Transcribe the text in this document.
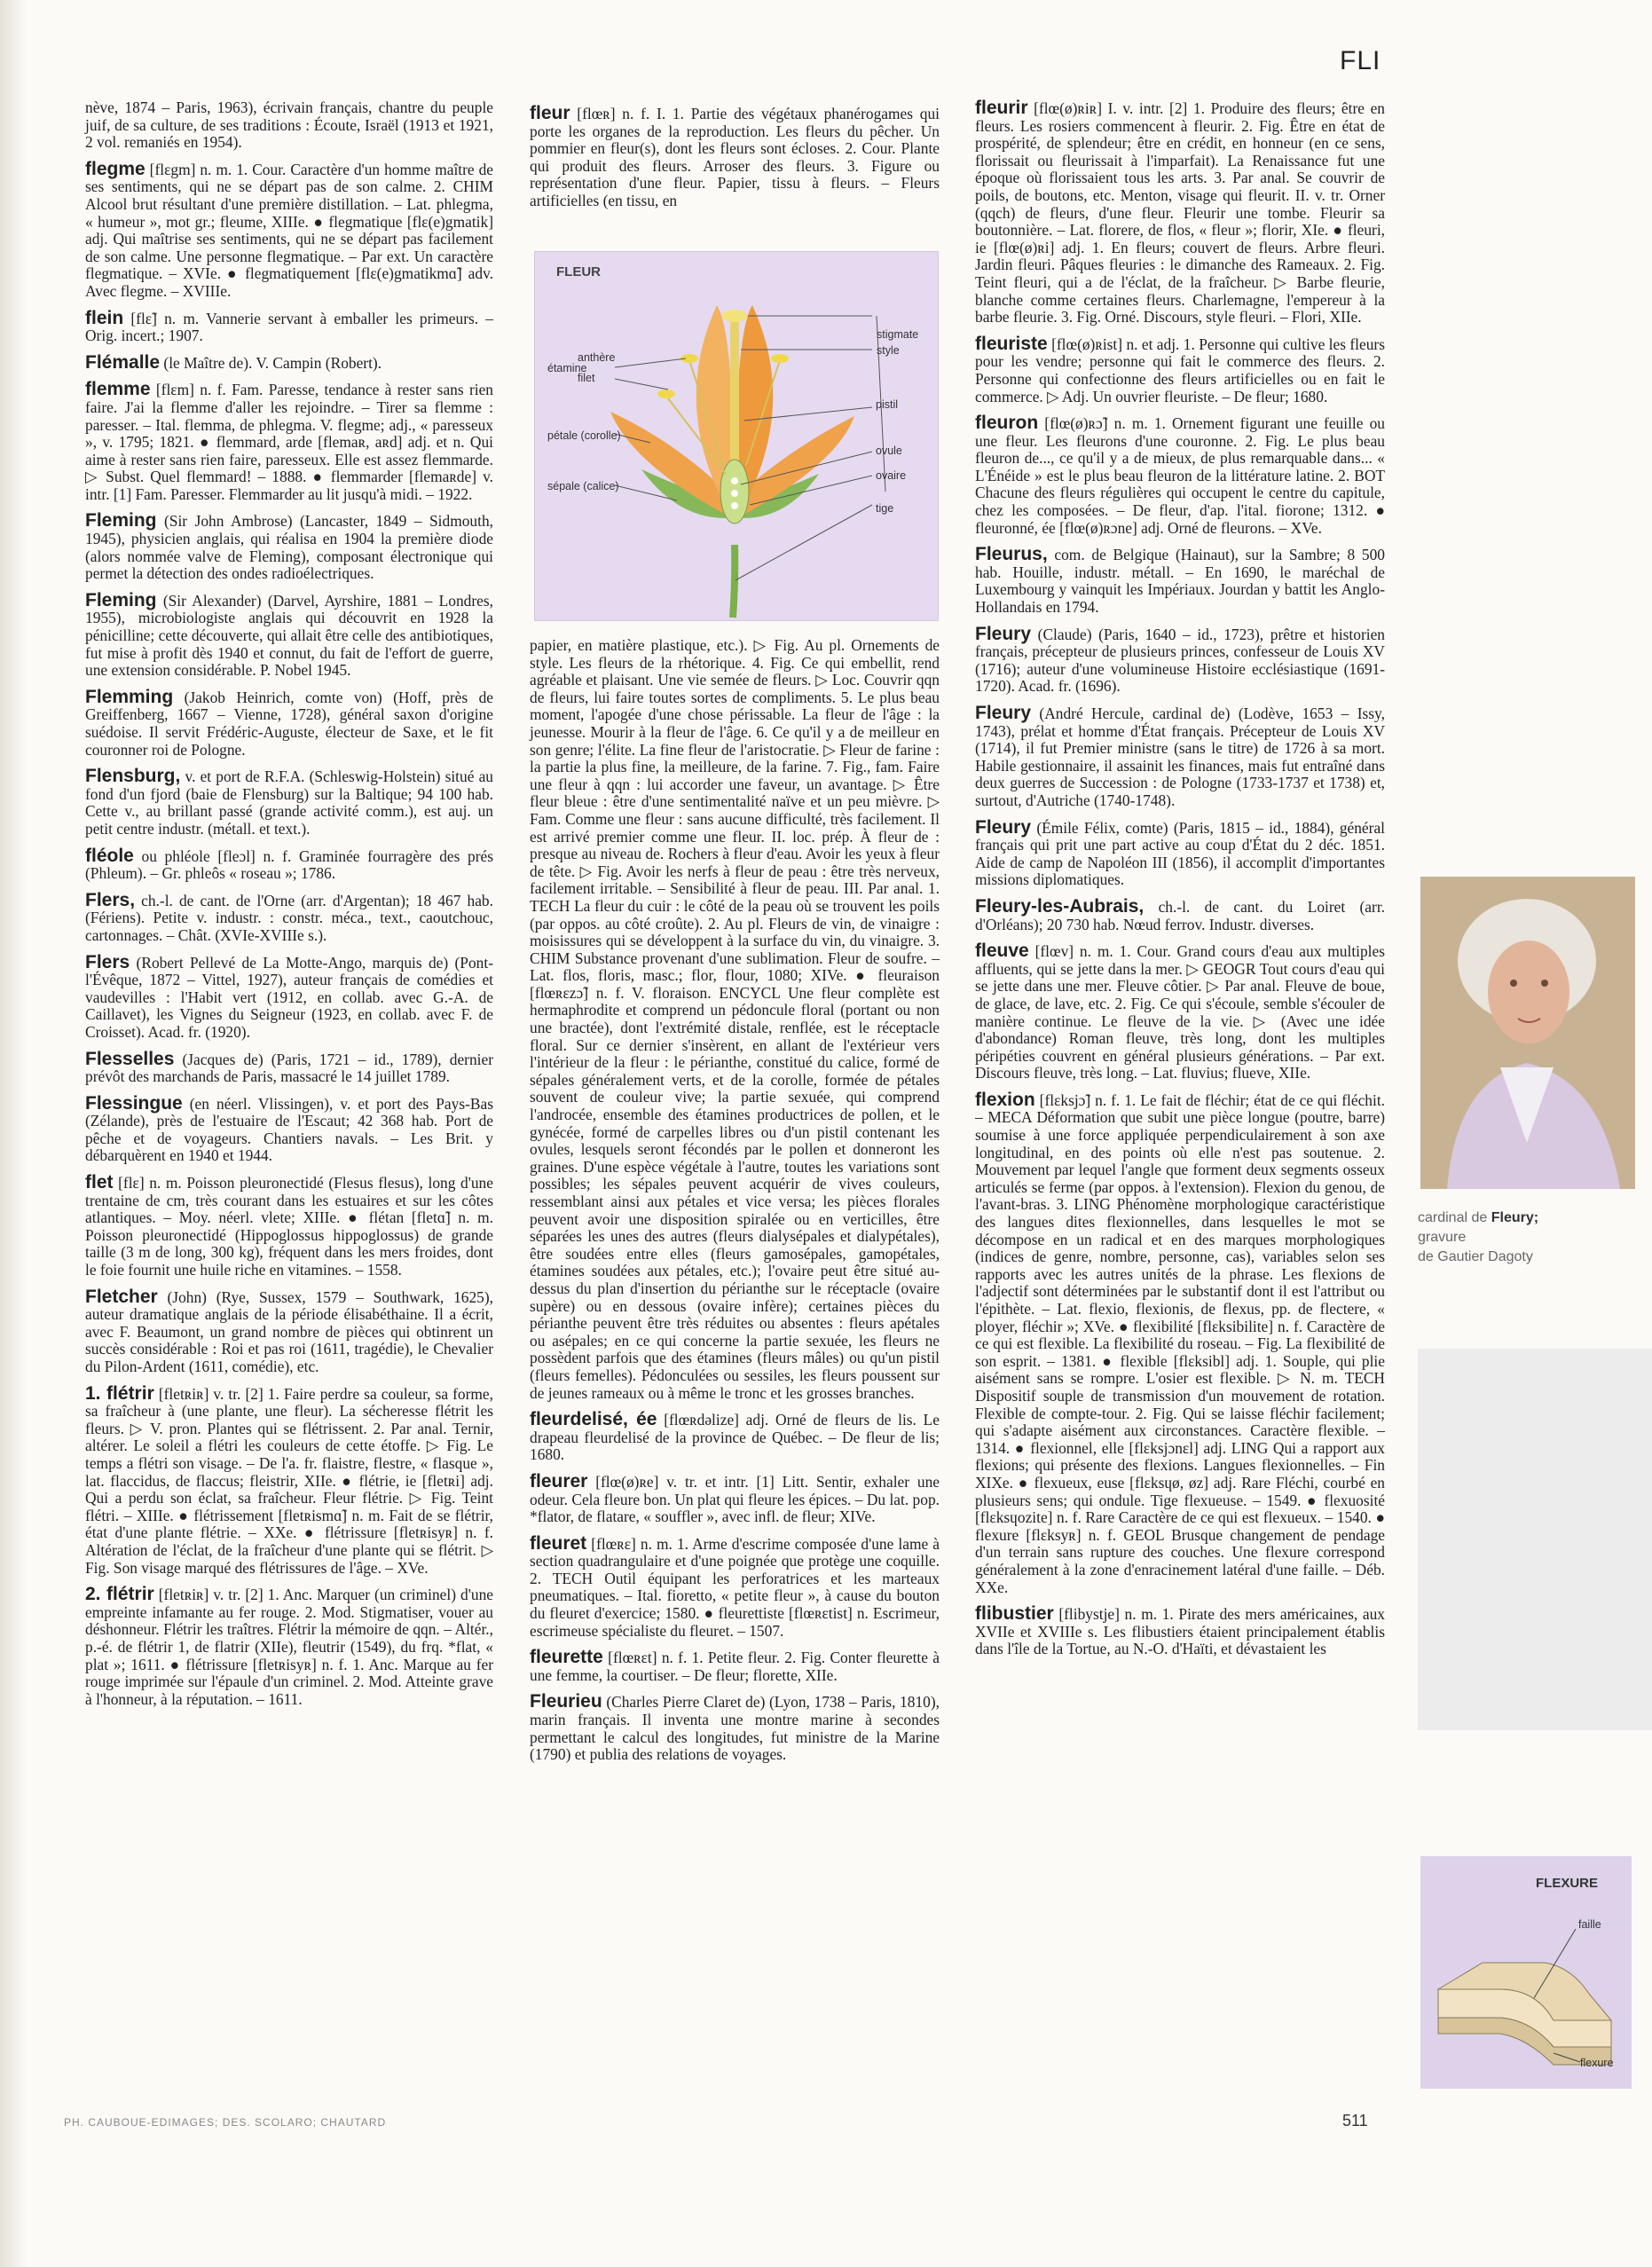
FLI

nève, 1874 – Paris, 1963), écrivain français, chantre du peuple juif, de sa culture, de ses traditions : Écoute, Israël (1913 et 1921, 2 vol. remaniés en 1954).

flegme [flɛgm] n. m. 1. Cour. Caractère d'un homme maître de ses sentiments, qui ne se départ pas de son calme. 2. CHIM Alcool brut résultant d'une première distillation. – Lat. phlegma, « humeur », mot gr.; fleume, XIIIe. ● flegmatique [flɛ(e)gmatik] adj. Qui maîtrise ses sentiments, qui ne se départ pas facilement de son calme. Une personne flegmatique. – Par ext. Un caractère flegmatique. – XVIe. ● flegmatiquement [flɛ(e)gmatikmɑ̃] adv. Avec flegme. – XVIIIe.

flein [flɛ̃] n. m. Vannerie servant à emballer les primeurs. – Orig. incert.; 1907.

Flémalle (le Maître de). V. Campin (Robert).

flemme [flɛm] n. f. Fam. Paresse, tendance à rester sans rien faire. J'ai la flemme d'aller les rejoindre. – Tirer sa flemme : paresser. – Ital. flemma, de phlegma. V. flegme; adj., « paresseux », v. 1795; 1821. ● flemmard, arde [flemaʀ, aʀd] adj. et n. Qui aime à rester sans rien faire, paresseux. Elle est assez flemmarde. ▷ Subst. Quel flemmard! – 1888. ● flemmarder [flemaʀde] v. intr. [1] Fam. Paresser. Flemmarder au lit jusqu'à midi. – 1922.

Fleming (Sir John Ambrose) (Lancaster, 1849 – Sidmouth, 1945), physicien anglais, qui réalisa en 1904 la première diode (alors nommée valve de Fleming), composant électronique qui permet la détection des ondes radioélectriques.

Fleming (Sir Alexander) (Darvel, Ayrshire, 1881 – Londres, 1955), microbiologiste anglais qui découvrit en 1928 la pénicilline; cette découverte, qui allait être celle des antibiotiques, fut mise à profit dès 1940 et connut, du fait de l'effort de guerre, une extension considérable. P. Nobel 1945.

Flemming (Jakob Heinrich, comte von) (Hoff, près de Greiffenberg, 1667 – Vienne, 1728), général saxon d'origine suédoise. Il servit Frédéric-Auguste, électeur de Saxe, et le fit couronner roi de Pologne.

Flensburg, v. et port de R.F.A. (Schleswig-Holstein) situé au fond d'un fjord (baie de Flensburg) sur la Baltique; 94 100 hab. Cette v., au brillant passé (grande activité comm.), est auj. un petit centre industr. (métall. et text.).

fléole ou phléole [fleɔl] n. f. Graminée fourragère des prés (Phleum). – Gr. phleôs « roseau »; 1786.

Flers, ch.-l. de cant. de l'Orne (arr. d'Argentan); 18 467 hab. (Fériens). Petite v. industr. : constr. méca., text., caoutchouc, cartonnages. – Chât. (XVIe-XVIIIe s.).

Flers (Robert Pellevé de La Motte-Ango, marquis de) (Pont-l'Évêque, 1872 – Vittel, 1927), auteur français de comédies et vaudevilles : l'Habit vert (1912, en collab. avec G.-A. de Caillavet), les Vignes du Seigneur (1923, en collab. avec F. de Croisset). Acad. fr. (1920).

Flesselles (Jacques de) (Paris, 1721 – id., 1789), dernier prévôt des marchands de Paris, massacré le 14 juillet 1789.

Flessingue (en néerl. Vlissingen), v. et port des Pays-Bas (Zélande), près de l'estuaire de l'Escaut; 42 368 hab. Port de pêche et de voyageurs. Chantiers navals. – Les Brit. y débarquèrent en 1940 et 1944.

flet [flɛ] n. m. Poisson pleuronectidé (Flesus flesus), long d'une trentaine de cm, très courant dans les estuaires et sur les côtes atlantiques. – Moy. néerl. vlete; XIIIe. ● flétan [fletɑ̃] n. m. Poisson pleuronectidé (Hippoglossus hippoglossus) de grande taille (3 m de long, 300 kg), fréquent dans les mers froides, dont le foie fournit une huile riche en vitamines. – 1558.

Fletcher (John) (Rye, Sussex, 1579 – Southwark, 1625), auteur dramatique anglais de la période élisabéthaine. Il a écrit, avec F. Beaumont, un grand nombre de pièces qui obtinrent un succès considérable : Roi et pas roi (1611, tragédie), le Chevalier du Pilon-Ardent (1611, comédie), etc.

1. flétrir [fletʀiʀ] v. tr. [2] 1. Faire perdre sa couleur, sa forme, sa fraîcheur à (une plante, une fleur). La sécheresse flétrit les fleurs. ▷ V. pron. Plantes qui se flétrissent. 2. Par anal. Ternir, altérer. Le soleil a flétri les couleurs de cette étoffe. ▷ Fig. Le temps a flétri son visage. – De l'a. fr. flaistre, flestre, « flasque », lat. flaccidus, de flaccus; fleistrir, XIIe. ● flétrie, ie [fletʀi] adj. Qui a perdu son éclat, sa fraîcheur. Fleur flétrie. ▷ Fig. Teint flétri. – XIIIe. ● flétrissement [fletʀismɑ̃] n. m. Fait de se flétrir, état d'une plante flétrie. – XXe. ● flétrissure [fletʀisyʀ] n. f. Altération de l'éclat, de la fraîcheur d'une plante qui se flétrit. ▷ Fig. Son visage marqué des flétrissures de l'âge. – XVe.

2. flétrir [fletʀiʀ] v. tr. [2] 1. Anc. Marquer (un criminel) d'une empreinte infamante au fer rouge. 2. Mod. Stigmatiser, vouer au déshonneur. Flétrir les traîtres. Flétrir la mémoire de qqn. – Altér., p.-é. de flétrir 1, de flatrir (XIIe), fleutrir (1549), du frq. *flat, « plat »; 1611. ● flétrissure [fletʀisyʀ] n. f. 1. Anc. Marque au fer rouge imprimée sur l'épaule d'un criminel. 2. Mod. Atteinte grave à l'honneur, à la réputation. – 1611.

fleur [flœʀ] n. f. I. 1. Partie des végétaux phanérogames qui porte les organes de la reproduction. Les fleurs du pêcher. Un pommier en fleur(s), dont les fleurs sont écloses. 2. Cour. Plante qui produit des fleurs. Arroser des fleurs. 3. Figure ou représentation d'une fleur. Papier, tissu à fleurs. – Fleurs artificielles (en tissu, en

FLEUR
stigmate
style
étamine
anthère
filet
pistil
pétale (corolle)
ovule
sépale (calice)
ovaire
tige

papier, en matière plastique, etc.). ▷ Fig. Au pl. Ornements de style. Les fleurs de la rhétorique. 4. Fig. Ce qui embellit, rend agréable et plaisant. Une vie semée de fleurs. ▷ Loc. Couvrir qqn de fleurs, lui faire toutes sortes de compliments. 5. Le plus beau moment, l'apogée d'une chose périssable. La fleur de l'âge : la jeunesse. Mourir à la fleur de l'âge. 6. Ce qu'il y a de meilleur en son genre; l'élite. La fine fleur de l'aristocratie. ▷ Fleur de farine : la partie la plus fine, la meilleure, de la farine. 7. Fig., fam. Faire une fleur à qqn : lui accorder une faveur, un avantage. ▷ Être fleur bleue : être d'une sentimentalité naïve et un peu mièvre. ▷ Fam. Comme une fleur : sans aucune difficulté, très facilement. Il est arrivé premier comme une fleur. II. loc. prép. À fleur de : presque au niveau de. Rochers à fleur d'eau. Avoir les yeux à fleur de tête. ▷ Fig. Avoir les nerfs à fleur de peau : être très nerveux, facilement irritable. – Sensibilité à fleur de peau. III. Par anal. 1. TECH La fleur du cuir : le côté de la peau où se trouvent les poils (par oppos. au côté croûte). 2. Au pl. Fleurs de vin, de vinaigre : moisissures qui se développent à la surface du vin, du vinaigre. 3. CHIM Substance provenant d'une sublimation. Fleur de soufre. – Lat. flos, floris, masc.; flor, flour, 1080; XIVe. ● fleuraison [flœʀɛzɔ̃] n. f. V. floraison. ENCYCL Une fleur complète est hermaphrodite et comprend un pédoncule floral (portant ou non une bractée), dont l'extrémité distale, renflée, est le réceptacle floral. Sur ce dernier s'insèrent, en allant de l'extérieur vers l'intérieur de la fleur : le périanthe, constitué du calice, formé de sépales généralement verts, et de la corolle, formée de pétales souvent de couleur vive; la partie sexuée, qui comprend l'androcée, ensemble des étamines productrices de pollen, et le gynécée, formé de carpelles libres ou d'un pistil contenant les ovules, lesquels seront fécondés par le pollen et donneront les graines. D'une espèce végétale à l'autre, toutes les variations sont possibles; les sépales peuvent acquérir de vives couleurs, ressemblant ainsi aux pétales et vice versa; les pièces florales peuvent avoir une disposition spiralée ou en verticilles, être séparées les unes des autres (fleurs dialysépales et dialypétales), être soudées entre elles (fleurs gamosépales, gamopétales, étamines soudées aux pétales, etc.); l'ovaire peut être situé au-dessus du plan d'insertion du périanthe sur le réceptacle (ovaire supère) ou en dessous (ovaire infère); certaines pièces du périanthe peuvent être très réduites ou absentes : fleurs apétales ou asépales; en ce qui concerne la partie sexuée, les fleurs ne possèdent parfois que des étamines (fleurs mâles) ou qu'un pistil (fleurs femelles). Pédonculées ou sessiles, les fleurs poussent sur de jeunes rameaux ou à même le tronc et les grosses branches.

fleurdelisé, ée [flœʀdəlize] adj. Orné de fleurs de lis. Le drapeau fleurdelisé de la province de Québec. – De fleur de lis; 1680.

fleurer [flœ(ø)ʀe] v. tr. et intr. [1] Litt. Sentir, exhaler une odeur. Cela fleure bon. Un plat qui fleure les épices. – Du lat. pop. *flator, de flatare, « souffler », avec infl. de fleur; XIVe.

fleuret [flœʀɛ] n. m. 1. Arme d'escrime composée d'une lame à section quadrangulaire et d'une poignée que protège une coquille. 2. TECH Outil équipant les perforatrices et les marteaux pneumatiques. – Ital. fioretto, « petite fleur », à cause du bouton du fleuret d'exercice; 1580. ● fleurettiste [flœʀɛtist] n. Escrimeur, escrimeuse spécialiste du fleuret. – 1507.

fleurette [flœʀɛt] n. f. 1. Petite fleur. 2. Fig. Conter fleurette à une femme, la courtiser. – De fleur; florette, XIIe.

Fleurieu (Charles Pierre Claret de) (Lyon, 1738 – Paris, 1810), marin français. Il inventa une montre marine à secondes permettant le calcul des longitudes, fut ministre de la Marine (1790) et publia des relations de voyages.

fleurir [flœ(ø)ʀiʀ] I. v. intr. [2] 1. Produire des fleurs; être en fleurs. Les rosiers commencent à fleurir. 2. Fig. Être en état de prospérité, de splendeur; être en crédit, en honneur (en ce sens, florissait ou fleurissait à l'imparfait). La Renaissance fut une époque où florissaient tous les arts. 3. Par anal. Se couvrir de poils, de boutons, etc. Menton, visage qui fleurit. II. v. tr. Orner (qqch) de fleurs, d'une fleur. Fleurir une tombe. Fleurir sa boutonnière. – Lat. florere, de flos, « fleur »; florir, XIe. ● fleuri, ie [flœ(ø)ʀi] adj. 1. En fleurs; couvert de fleurs. Arbre fleuri. Jardin fleuri. Pâques fleuries : le dimanche des Rameaux. 2. Fig. Teint fleuri, qui a de l'éclat, de la fraîcheur. ▷ Barbe fleurie, blanche comme certaines fleurs. Charlemagne, l'empereur à la barbe fleurie. 3. Fig. Orné. Discours, style fleuri. – Flori, XIIe.

fleuriste [flœ(ø)ʀist] n. et adj. 1. Personne qui cultive les fleurs pour les vendre; personne qui fait le commerce des fleurs. 2. Personne qui confectionne des fleurs artificielles ou en fait le commerce. ▷ Adj. Un ouvrier fleuriste. – De fleur; 1680.

fleuron [flœ(ø)ʀɔ̃] n. m. 1. Ornement figurant une feuille ou une fleur. Les fleurons d'une couronne. 2. Fig. Le plus beau fleuron de..., ce qu'il y a de mieux, de plus remarquable dans... « L'Énéide » est le plus beau fleuron de la littérature latine. 2. BOT Chacune des fleurs régulières qui occupent le centre du capitule, chez les composées. – De fleur, d'ap. l'ital. fiorone; 1312. ● fleuronné, ée [flœ(ø)ʀɔne] adj. Orné de fleurons. – XVe.

Fleurus, com. de Belgique (Hainaut), sur la Sambre; 8 500 hab. Houille, industr. métall. – En 1690, le maréchal de Luxembourg y vainquit les Impériaux. Jourdan y battit les Anglo-Hollandais en 1794.

Fleury (Claude) (Paris, 1640 – id., 1723), prêtre et historien français, précepteur de plusieurs princes, confesseur de Louis XV (1716); auteur d'une volumineuse Histoire ecclésiastique (1691-1720). Acad. fr. (1696).

Fleury (André Hercule, cardinal de) (Lodève, 1653 – Issy, 1743), prélat et homme d'État français. Précepteur de Louis XV (1714), il fut Premier ministre (sans le titre) de 1726 à sa mort. Habile gestionnaire, il assainit les finances, mais fut entraîné dans deux guerres de Succession : de Pologne (1733-1737 et 1738) et, surtout, d'Autriche (1740-1748).

Fleury (Émile Félix, comte) (Paris, 1815 – id., 1884), général français qui prit une part active au coup d'État du 2 déc. 1851. Aide de camp de Napoléon III (1856), il accomplit d'importantes missions diplomatiques.

Fleury-les-Aubrais, ch.-l. de cant. du Loiret (arr. d'Orléans); 20 730 hab. Nœud ferrov. Industr. diverses.

fleuve [flœv] n. m. 1. Cour. Grand cours d'eau aux multiples affluents, qui se jette dans la mer. ▷ GEOGR Tout cours d'eau qui se jette dans une mer. Fleuve côtier. ▷ Par anal. Fleuve de boue, de glace, de lave, etc. 2. Fig. Ce qui s'écoule, semble s'écouler de manière continue. Le fleuve de la vie. ▷ (Avec une idée d'abondance) Roman fleuve, très long, dont les multiples péripéties couvrent en général plusieurs générations. – Par ext. Discours fleuve, très long. – Lat. fluvius; flueve, XIIe.

flexion [flɛksjɔ̃] n. f. 1. Le fait de fléchir; état de ce qui fléchit. – MECA Déformation que subit une pièce longue (poutre, barre) soumise à une force appliquée perpendiculairement à son axe longitudinal, en des points où elle n'est pas soutenue. 2. Mouvement par lequel l'angle que forment deux segments osseux articulés se ferme (par oppos. à l'extension). Flexion du genou, de l'avant-bras. 3. LING Phénomène morphologique caractéristique des langues dites flexionnelles, dans lesquelles le mot se décompose en un radical et en des marques morphologiques (indices de genre, nombre, personne, cas), variables selon ses rapports avec les autres unités de la phrase. Les flexions de l'adjectif sont déterminées par le substantif dont il est l'attribut ou l'épithète. – Lat. flexio, flexionis, de flexus, pp. de flectere, « ployer, fléchir »; XVe. ● flexibilité [flɛksibilite] n. f. Caractère de ce qui est flexible. La flexibilité du roseau. – Fig. La flexibilité de son esprit. – 1381. ● flexible [flɛksibl] adj. 1. Souple, qui plie aisément sans se rompre. L'osier est flexible. ▷ N. m. TECH Dispositif souple de transmission d'un mouvement de rotation. Flexible de compte-tour. 2. Fig. Qui se laisse fléchir facilement; qui s'adapte aisément aux circonstances. Caractère flexible. – 1314. ● flexionnel, elle [flɛksjɔnɛl] adj. LING Qui a rapport aux flexions; qui présente des flexions. Langues flexionnelles. – Fin XIXe. ● flexueux, euse [flɛksɥø, øz] adj. Rare Fléchi, courbé en plusieurs sens; qui ondule. Tige flexueuse. – 1549. ● flexuosité [flɛksɥozite] n. f. Rare Caractère de ce qui est flexueux. – 1540. ● flexure [flɛksyʀ] n. f. GEOL Brusque changement de pendage d'un terrain sans rupture des couches. Une flexure correspond généralement à la zone d'enracinement latéral d'une faille. – Déb. XXe.

flibustier [flibystje] n. m. 1. Pirate des mers américaines, aux XVIIe et XVIIIe s. Les flibustiers étaient principalement établis dans l'île de la Tortue, au N.-O. d'Haïti, et dévastaient les

cardinal de Fleury;
gravure
de Gautier Dagoty
FLEXURE
faille
flexure
PH. CAUBOUE-EDIMAGES; DES. SCOLARO; CHAUTARD	511
